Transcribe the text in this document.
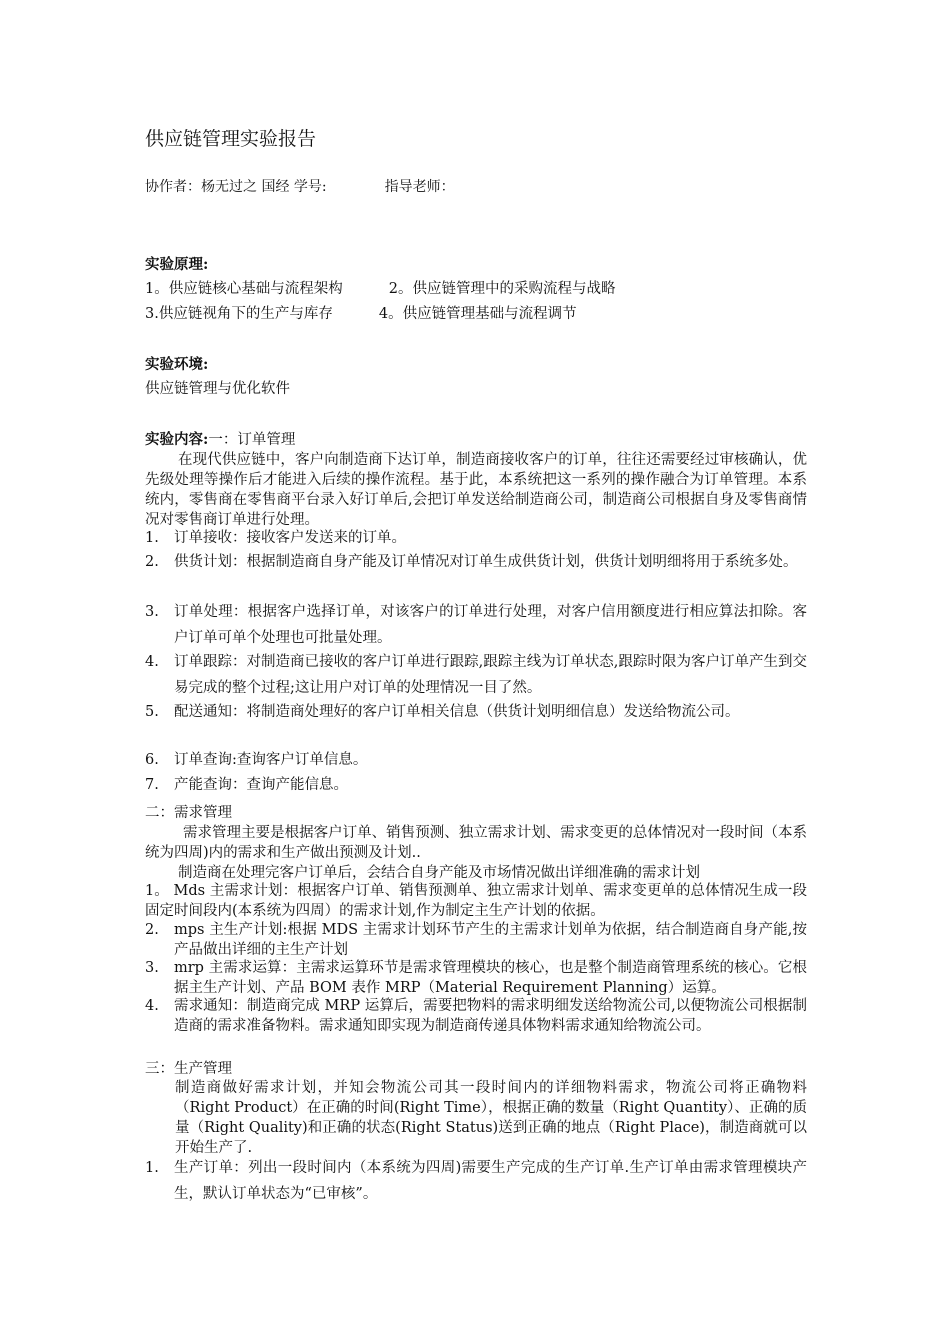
供应链管理实验报告
协作者：杨无过之 国经 学号:	指导老师：
实验原理:
1。供应链核心基础与流程架构	2。供应链管理中的采购流程与战略
3.供应链视角下的生产与库存	4。供应链管理基础与流程调节
实验环境:
供应链管理与优化软件
实验内容:一：订单管理
在现代供应链中，客户向制造商下达订单，制造商接收客户的订单，往往还需要经过审核确认，优先级处理等操作后才能进入后续的操作流程。基于此，本系统把这一系列的操作融合为订单管理。本系统内，零售商在零售商平台录入好订单后,会把订单发送给制造商公司，制造商公司根据自身及零售商情况对零售商订单进行处理。
1. 订单接收：接收客户发送来的订单。
2. 供货计划：根据制造商自身产能及订单情况对订单生成供货计划，供货计划明细将用于系统多处。
3. 订单处理：根据客户选择订单，对该客户的订单进行处理，对客户信用额度进行相应算法扣除。客户订单可单个处理也可批量处理。
4. 订单跟踪：对制造商已接收的客户订单进行跟踪,跟踪主线为订单状态,跟踪时限为客户订单产生到交易完成的整个过程;这让用户对订单的处理情况一目了然。
5. 配送通知：将制造商处理好的客户订单相关信息（供货计划明细信息）发送给物流公司。
6. 订单查询:查询客户订单信息。
7. 产能查询：查询产能信息。
二：需求管理
需求管理主要是根据客户订单、销售预测、独立需求计划、需求变更的总体情况对一段时间（本系统为四周)内的需求和生产做出预测及计划..
制造商在处理完客户订单后，会结合自身产能及市场情况做出详细准确的需求计划
1。 Mds 主需求计划：根据客户订单、销售预测单、独立需求计划单、需求变更单的总体情况生成一段固定时间段内(本系统为四周）的需求计划,作为制定主生产计划的依据。
2. mps 主生产计划:根据 MDS 主需求计划环节产生的主需求计划单为依据，结合制造商自身产能,按产品做出详细的主生产计划
3. mrp 主需求运算：主需求运算环节是需求管理模块的核心，也是整个制造商管理系统的核心。它根据主生产计划、产品 BOM 表作 MRP（Material Requirement Planning）运算。
4. 需求通知：制造商完成 MRP 运算后，需要把物料的需求明细发送给物流公司,以便物流公司根据制造商的需求准备物料。需求通知即实现为制造商传递具体物料需求通知给物流公司。
三：生产管理
制造商做好需求计划，并知会物流公司其一段时间内的详细物料需求，物流公司将正确物料（Right Product）在正确的时间(Right Time），根据正确的数量（Right Quantity）、正确的质量（Right Quality)和正确的状态(Right Status)送到正确的地点（Right Place)，制造商就可以开始生产了.
1. 生产订单：列出一段时间内（本系统为四周)需要生产完成的生产订单.生产订单由需求管理模块产生，默认订单状态为“已审核”。
